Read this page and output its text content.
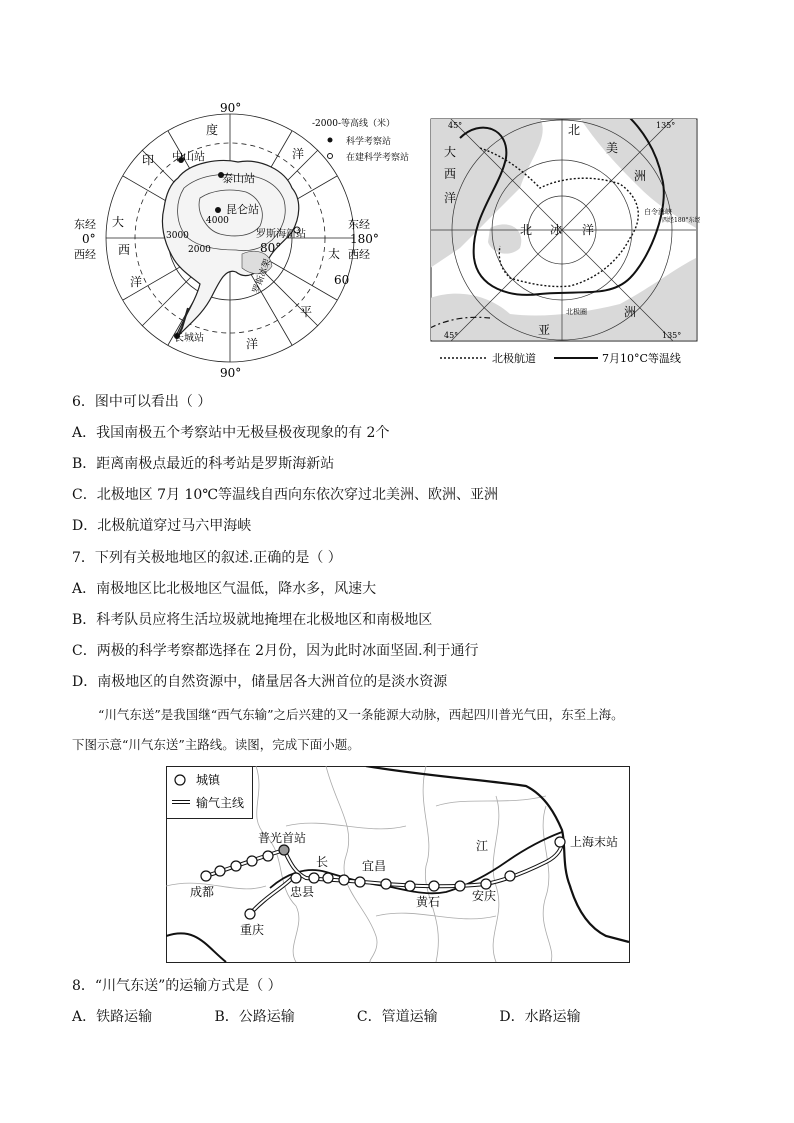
中山站
泰山站
昆仑站
罗斯海新站
长城站
4000
3000
2000
罗斯冰架
90°
90°
东经
0°
西经
东经
180°
西经
80°
60
印
度
洋
大
西
洋
太
平
洋
-2000-等高线（米）
科学考察站
在建科学考察站
45°	135°
45°	135°
北
美
洲
大
西
洋
北 冰 洋
亚
洲
白令海峡
西经180°东经
北极圈
北极航道	7月10°C等温线
6．图中可以看出（ ）
A．我国南极五个考察站中无极昼极夜现象的有 2个
B．距离南极点最近的科考站是罗斯海新站
C．北极地区 7月 10℃等温线自西向东依次穿过北美洲、欧洲、亚洲
D．北极航道穿过马六甲海峡
7．下列有关极地地区的叙述.正确的是（ ）
A．南极地区比北极地区气温低，降水多，风速大
B．科考队员应将生活垃圾就地掩埋在北极地区和南极地区
C．两极的科学考察都选择在 2月份，因为此时冰面坚固.利于通行
D．南极地区的自然资源中，储量居各大洲首位的是淡水资源
“川气东送”是我国继“西气东输”之后兴建的又一条能源大动脉，西起四川普光气田，东至上海。
下图示意“川气东送”主路线。读图，完成下面小题。
普光首站
成都
重庆
忠县
宜昌
黄石	安庆
上海末站
长
江
城镇
输气主线
8．“川气东送”的运输方式是（ ）
A．铁路运输	B．公路运输	C．管道运输	D．水路运输
